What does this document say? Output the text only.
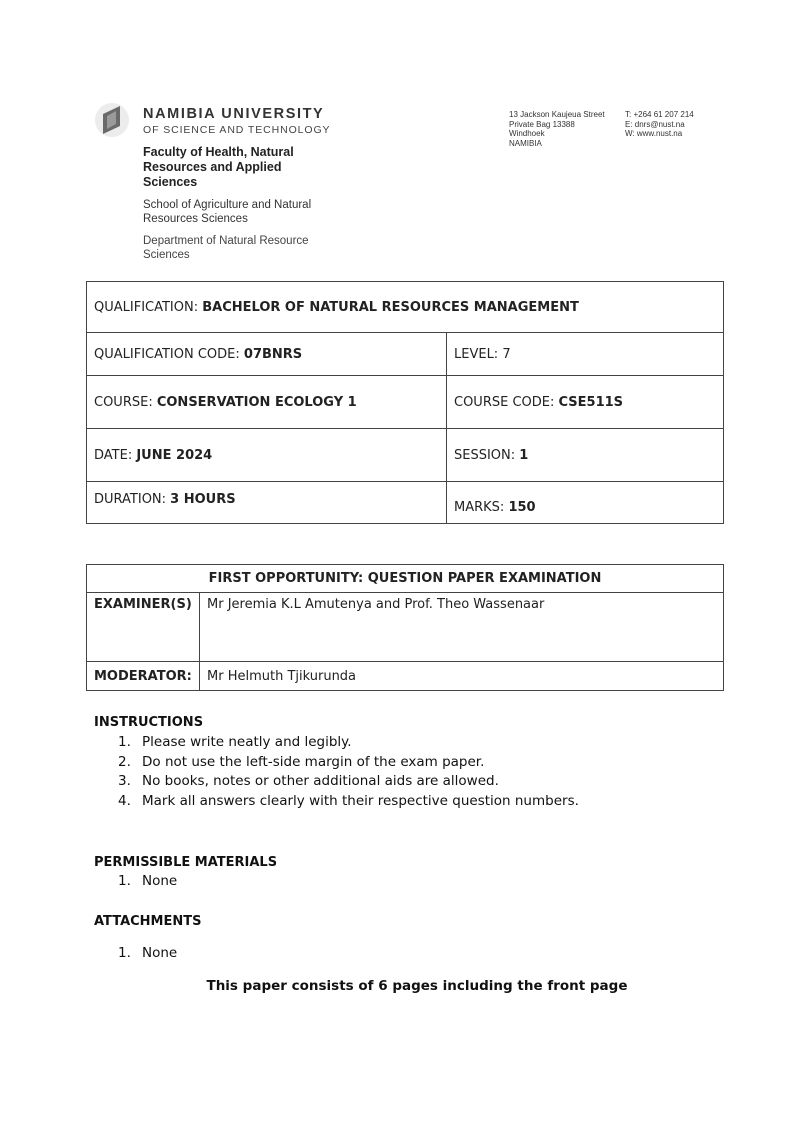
NAMIBIA UNIVERSITY
OF SCIENCE AND TECHNOLOGY
Faculty of Health, Natural Resources and Applied Sciences
School of Agriculture and Natural Resources Sciences
Department of Natural Resource Sciences
13 Jackson Kaujeua Street
Private Bag 13388
Windhoek
NAMIBIA
T: +264 61 207 214
E: dnrs@nust.na
W: www.nust.na
QUALIFICATION: BACHELOR OF NATURAL RESOURCES MANAGEMENT	
QUALIFICATION CODE: 07BNRS	LEVEL: 7
COURSE: CONSERVATION ECOLOGY 1	COURSE CODE: CSE511S
DATE: JUNE 2024	SESSION: 1
DURATION: 3 HOURS	MARKS: 150
FIRST OPPORTUNITY: QUESTION PAPER EXAMINATION	
EXAMINER(S)	Mr Jeremia K.L Amutenya and Prof. Theo Wassenaar
MODERATOR:	Mr Helmuth Tjikurunda
INSTRUCTIONS
1. Please write neatly and legibly.
2. Do not use the left-side margin of the exam paper.
3. No books, notes or other additional aids are allowed.
4. Mark all answers clearly with their respective question numbers.
PERMISSIBLE MATERIALS
1. None
ATTACHMENTS
1. None
This paper consists of 6 pages including the front page
